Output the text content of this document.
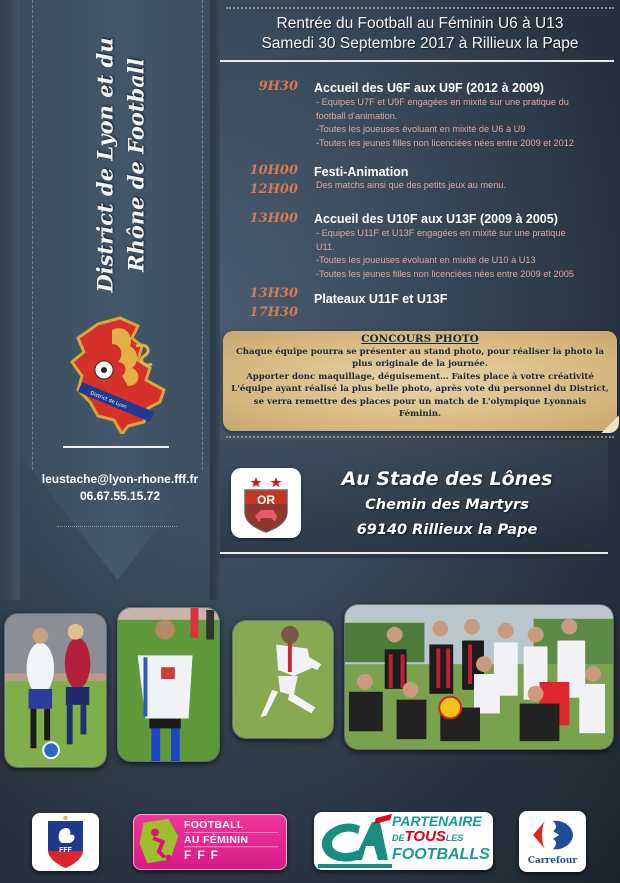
District de Lyon et du Rhône de Football
District de Lyon
leustache@lyon-rhone.fff.fr
06.67.55.15.72
Rentrée du Football au Féminin U6 à U13
Samedi 30 Septembre 2017 à Rillieux la Pape
9H30 Accueil des U6F aux U9F (2012 à 2009)
- Equipes U7F et U9F engagées en mixité sur une pratique du
football d'animation.
-Toutes les joueuses évoluant en mixité de U6 à U9
-Toutes les jeunes filles non licenciées nées entre 2009 et 2012
10H00
12H00
Festi-Animation
Des matchs ainsi que des petits jeux au menu.
13H00 Accueil des U10F aux U13F (2009 à 2005)
- Equipes U11F et U13F engagées en mixité sur une pratique
U11.
-Toutes les joueuses évoluant en mixité de U10 à U13
-Toutes les jeunes filles non licenciées nées entre 2009 et 2005
13H30
17H30
Plateaux U11F et U13F
CONCOURS PHOTO
Chaque équipe pourra se présenter au stand photo, pour réaliser la photo la
plus originale de la journée.
Apporter donc maquillage, déguisement… Faites place à votre créativité
L'équipe ayant réalisé la plus belle photo, après vote du personnel du District,
se verra remettre des places pour un match de L'olympique Lyonnais
Féminin.
OR
Au Stade des Lônes
Chemin des Martyrs
69140 Rillieux la Pape
FFF
FOOTBALL
AU FÉMININ
FFF
PARTENAIRE
DETOUSLES
FOOTBALLS	Carrefour
